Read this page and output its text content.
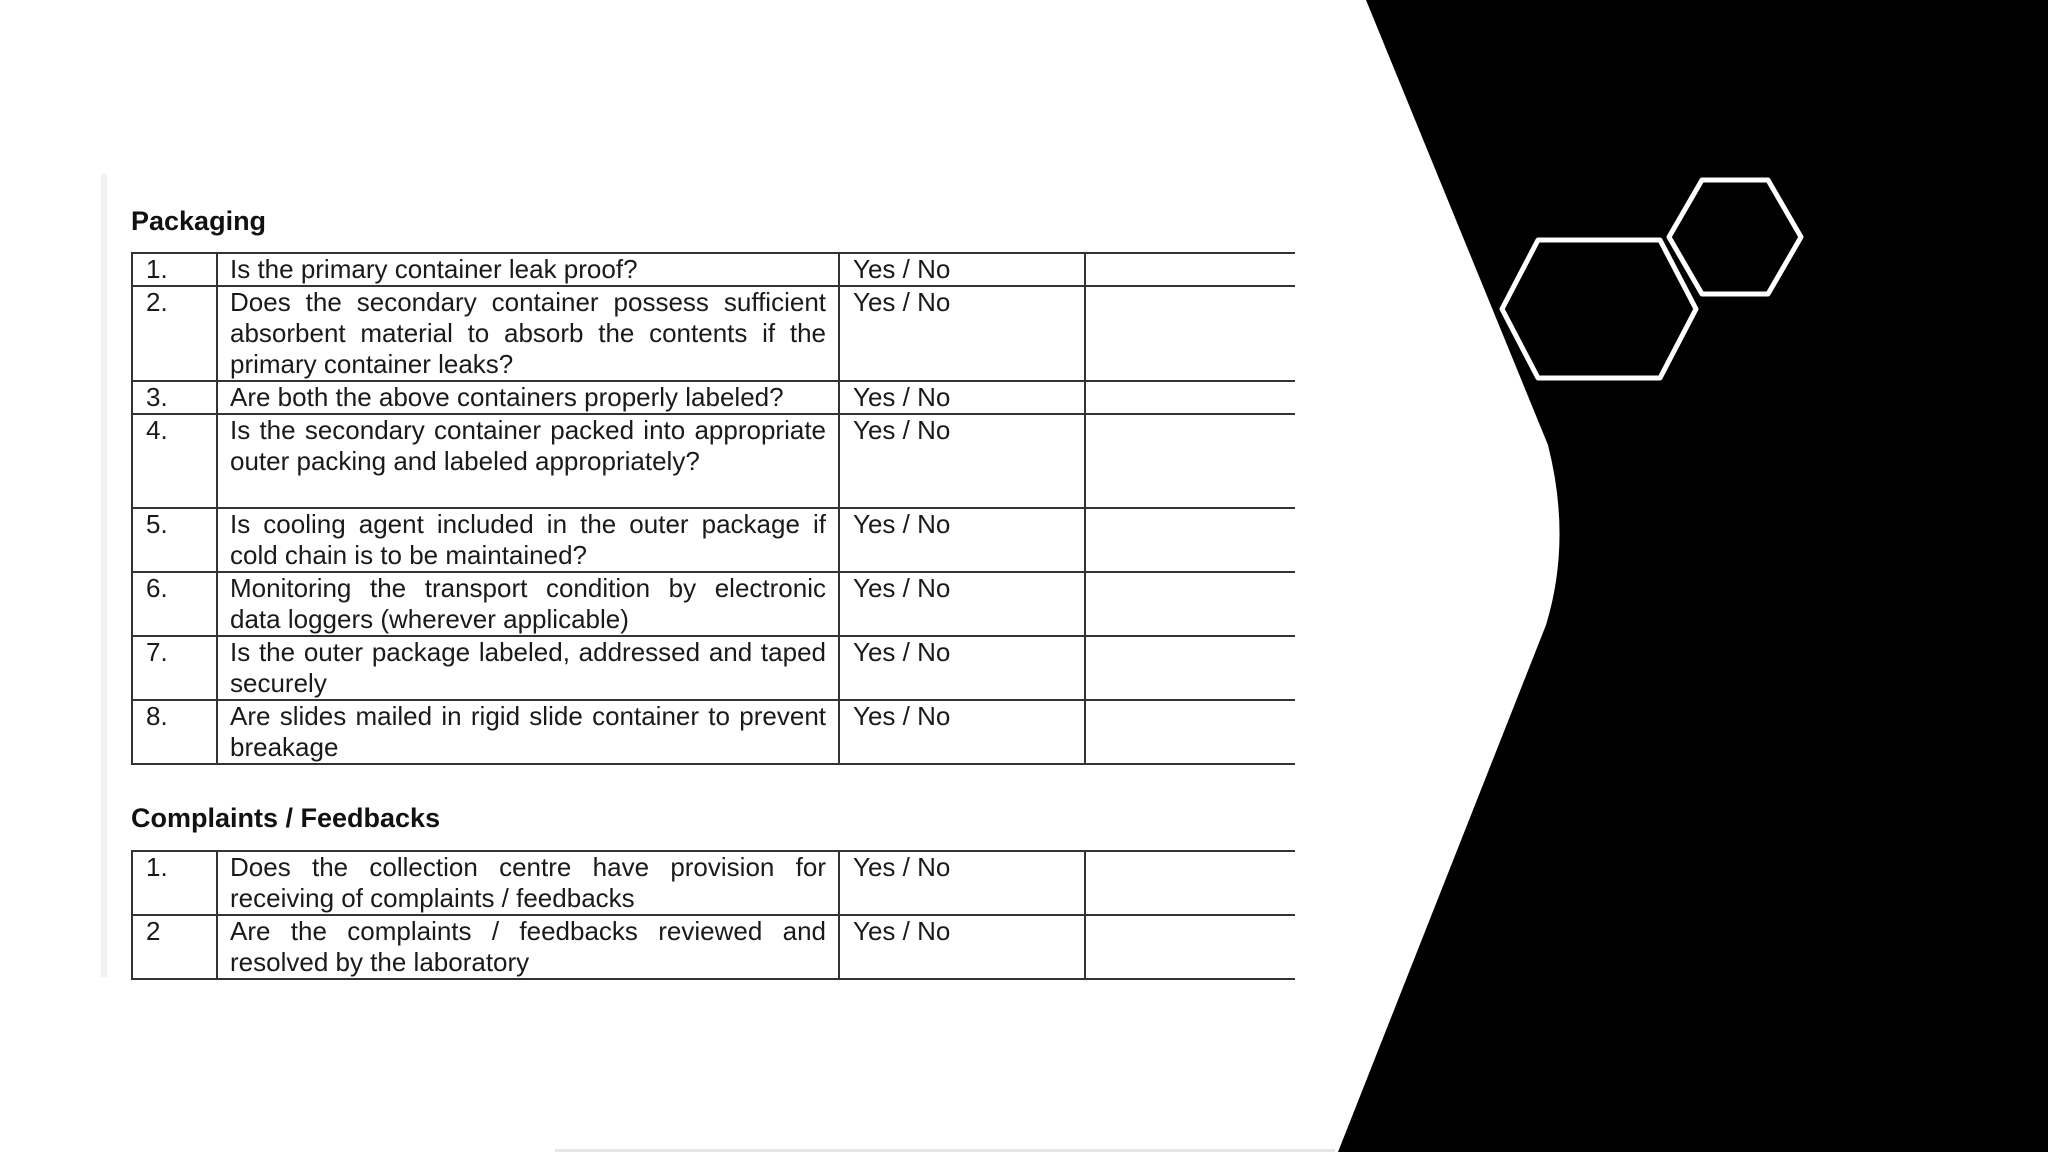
Packaging
1.	Is the primary container leak proof?	Yes / No	
2.	Does the secondary container possess sufficient absorbent material to absorb the contents if the primary container leaks?	Yes / No	
3.	Are both the above containers properly labeled?	Yes / No	
4.	Is the secondary container packed into appropriate outer packing and labeled appropriately?	Yes / No	
5.	Is cooling agent included in the outer package if cold chain is to be maintained?	Yes / No	
6.	Monitoring the transport condition by electronic data loggers (wherever applicable)	Yes / No	
7.	Is the outer package labeled, addressed and taped securely	Yes / No	
8.	Are slides mailed in rigid slide container to prevent breakage	Yes / No	
Complaints / Feedbacks
1.	Does the collection centre have provision for receiving of complaints / feedbacks	Yes / No	
2	Are the complaints / feedbacks reviewed and resolved by the laboratory	Yes / No	
